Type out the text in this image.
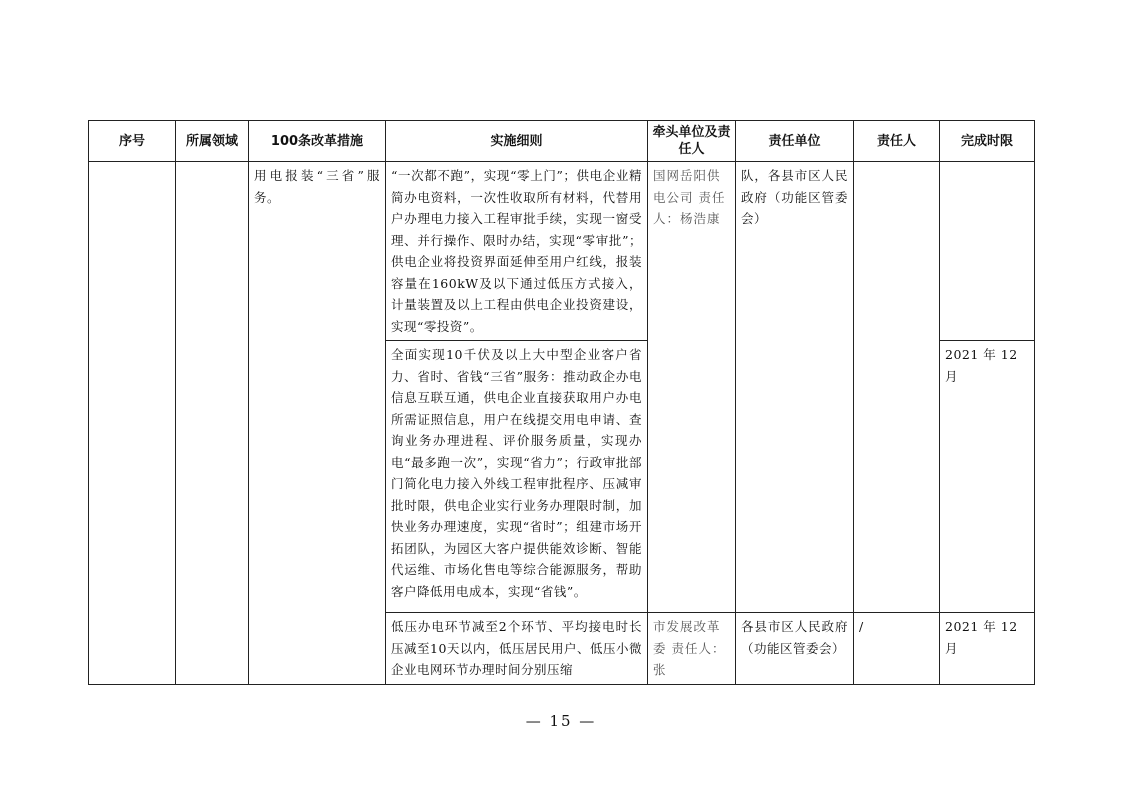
序号	所属领域	100条改革措施	实施细则	牵头单位及责任人	责任单位	责任人	完成时限
		用电报装“三省”服务。	“一次都不跑”，实现“零上门”；供电企业精简办电资料，一次性收取所有材料，代替用户办理电力接入工程审批手续，实现一窗受理、并行操作、限时办结，实现“零审批”；供电企业将投资界面延伸至用户红线，报装容量在160kW及以下通过低压方式接入，计量装置及以上工程由供电企业投资建设，实现“零投资”。	国网岳阳供电公司 责任人：杨浩康	队，各县市区人民政府（功能区管委会）		
			全面实现10千伏及以上大中型企业客户省力、省时、省钱“三省”服务：推动政企办电信息互联互通，供电企业直接获取用户办电所需证照信息，用户在线提交用电申请、查询业务办理进程、评价服务质量，实现办电“最多跑一次”，实现“省力”；行政审批部门简化电力接入外线工程审批程序、压减审批时限，供电企业实行业务办理限时制，加快业务办理速度，实现“省时”；组建市场开拓团队，为园区大客户提供能效诊断、智能代运维、市场化售电等综合能源服务，帮助客户降低用电成本，实现“省钱”。				2021 年 12 月
			低压办电环节减至2个环节、平均接电时长压减至10天以内，低压居民用户、低压小微企业电网环节办理时间分别压缩	市发展改革委 责任人：张	各县市区人民政府（功能区管委会）	/	2021 年 12 月
— 15 —
